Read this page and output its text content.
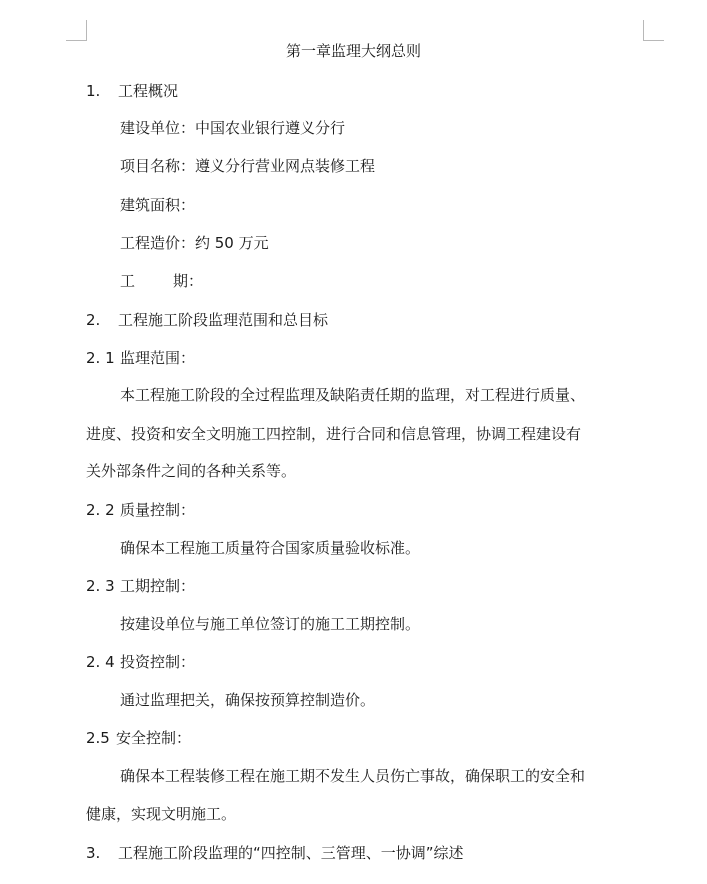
第一章监理大纲总则
1. 工程概况
建设单位：中国农业银行遵义分行
项目名称：遵义分行营业网点装修工程
建筑面积：
工程造价：约 50 万元
工	期：
2. 工程施工阶段监理范围和总目标
2. 1 监理范围：
本工程施工阶段的全过程监理及缺陷责任期的监理，对工程进行质量、
进度、投资和安全文明施工四控制，进行合同和信息管理，协调工程建设有
关外部条件之间的各种关系等。
2. 2 质量控制：
确保本工程施工质量符合国家质量验收标准。
2. 3 工期控制：
按建设单位与施工单位签订的施工工期控制。
2. 4 投资控制：
通过监理把关，确保按预算控制造价。
2.5 安全控制：
确保本工程装修工程在施工期不发生人员伤亡事故，确保职工的安全和
健康，实现文明施工。
3. 工程施工阶段监理的“四控制、三管理、一协调”综述
